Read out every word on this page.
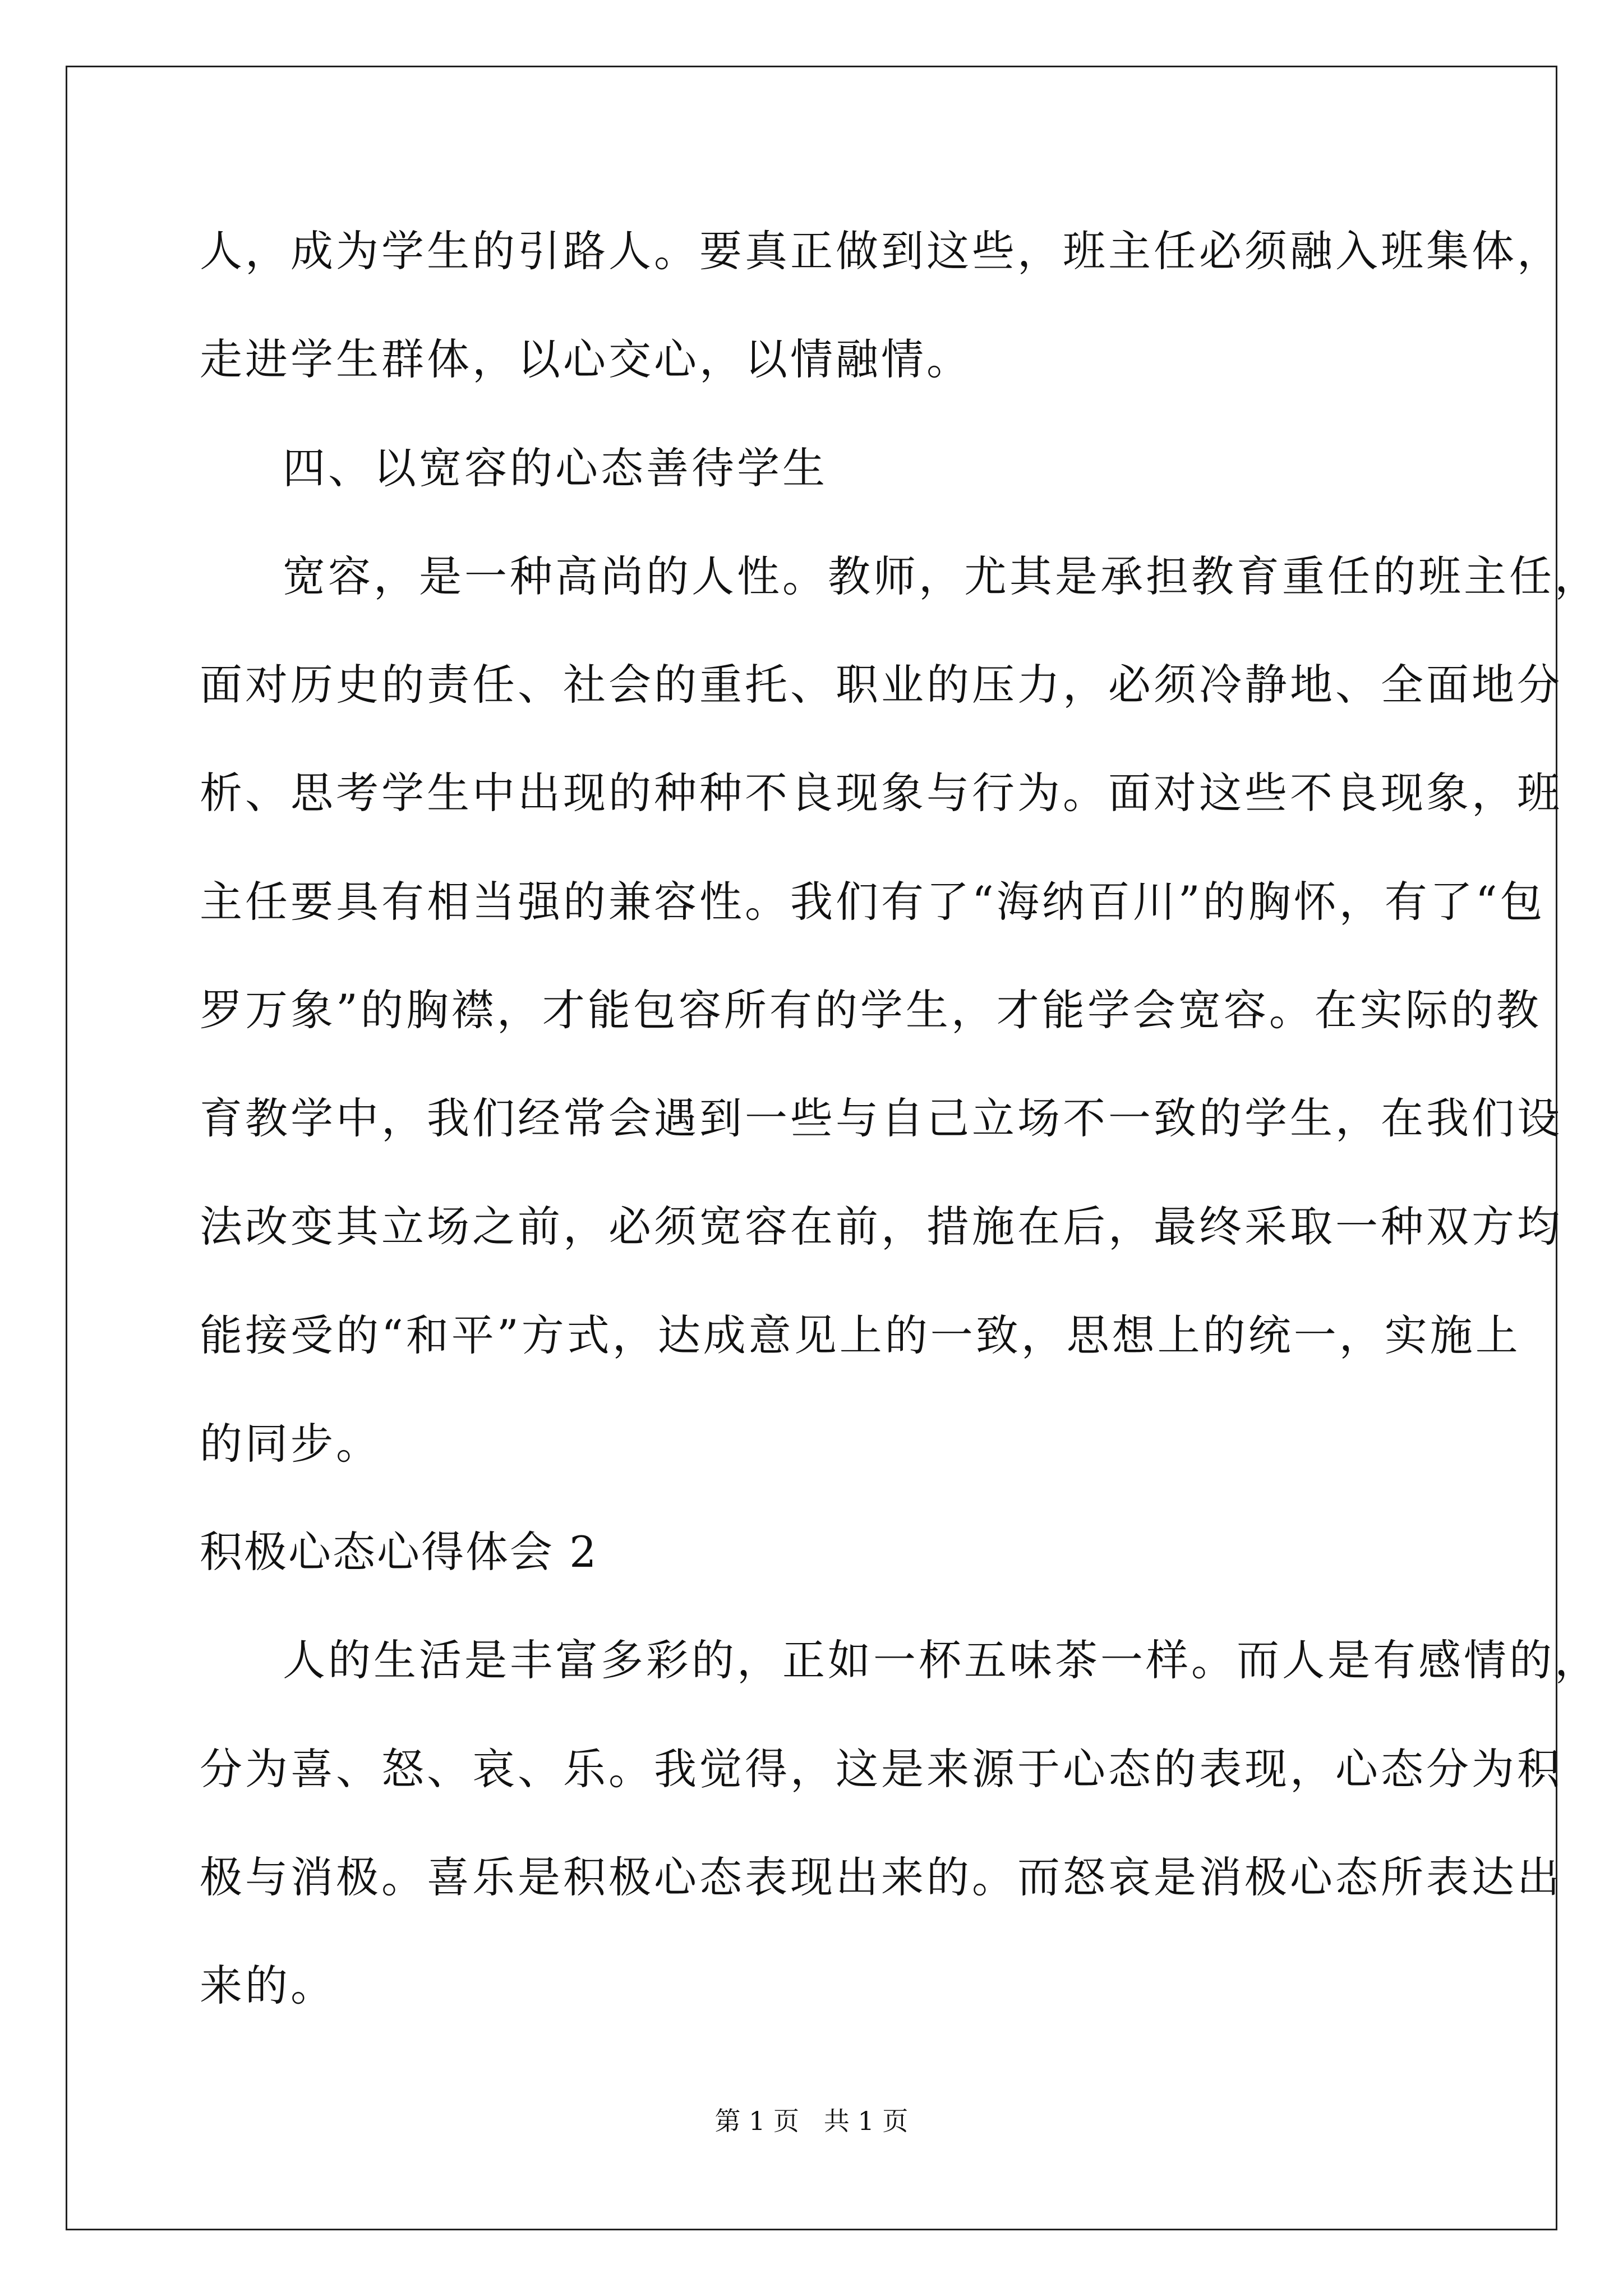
人，成为学生的引路人。要真正做到这些，班主任必须融入班集体，
走进学生群体，以心交心，以情融情。
四、以宽容的心态善待学生
宽容，是一种高尚的人性。教师，尤其是承担教育重任的班主任，
面对历史的责任、社会的重托、职业的压力，必须冷静地、全面地分
析、思考学生中出现的种种不良现象与行为。面对这些不良现象，班
主任要具有相当强的兼容性。我们有了“海纳百川”的胸怀，有了“包
罗万象”的胸襟，才能包容所有的学生，才能学会宽容。在实际的教
育教学中，我们经常会遇到一些与自己立场不一致的学生，在我们设
法改变其立场之前，必须宽容在前，措施在后，最终采取一种双方均
能接受的“和平”方式，达成意见上的一致，思想上的统一，实施上
的同步。
积极心态心得体会 2
人的生活是丰富多彩的，正如一杯五味茶一样。而人是有感情的，
分为喜、怒、哀、乐。我觉得，这是来源于心态的表现，心态分为积
极与消极。喜乐是积极心态表现出来的。而怒哀是消极心态所表达出
来的。
第 1 页   共 1 页
